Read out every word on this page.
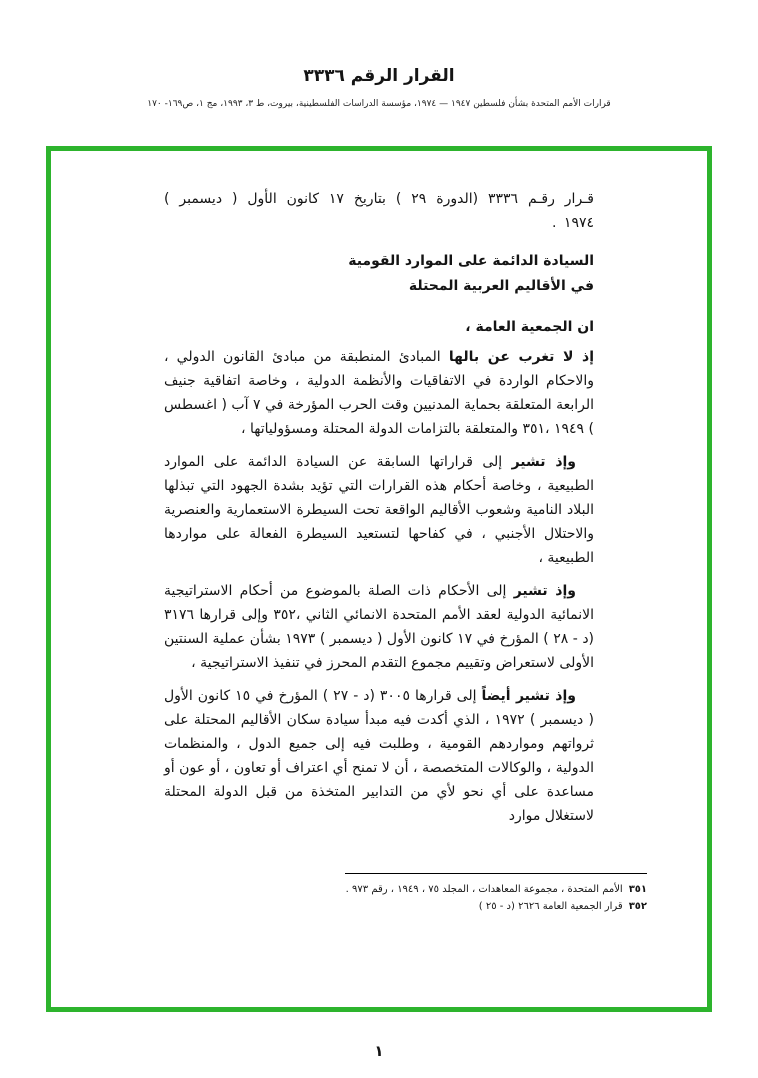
القرار الرقم ٣٣٣٦
قرارات الأمم المتحدة بشأن فلسطين ١٩٤٧ — ١٩٧٤، مؤسسة الدراسات الفلسطينية، بيروت، ط ٣، ١٩٩٣، مج ١، ص١٦٩- ١٧٠

قـرار رقـم ٣٣٣٦ (الدورة ٢٩ ) بتاريخ ١٧ كانون الأول ( ديسمبر ) ١٩٧٤ .

السيادة الدائمة على الموارد القومية
في الأقاليم العربية المحتلة
ان الجمعية العامة ،

إذ لا تغرب عن بالها المبادئ المنطبقة من مبادئ القانون الدولي ، والاحكام الواردة في الاتفاقيات والأنظمة الدولية ، وخاصة اتفاقية جنيف الرابعة المتعلقة بحماية المدنيين وقت الحرب المؤرخة في ٧ آب ( اغسطس ) ١٩٤٩ ،٣٥١ والمتعلقة بالتزامات الدولة المحتلة ومسؤولياتها ،

وإذ تشير إلى قراراتها السابقة عن السيادة الدائمة على الموارد الطبيعية ، وخاصة أحكام هذه القرارات التي تؤيد بشدة الجهود التي تبذلها البلاد النامية وشعوب الأقاليم الواقعة تحت السيطرة الاستعمارية والعنصرية والاحتلال الأجنبي ، في كفاحها لتستعيد السيطرة الفعالة على مواردها الطبيعية ،

وإذ تشير إلى الأحكام ذات الصلة بالموضوع من أحكام الاستراتيجية الانمائية الدولية لعقد الأمم المتحدة الانمائي الثاني ،٣٥٢ وإلى قرارها ٣١٧٦ (د - ٢٨ ) المؤرخ في ١٧ كانون الأول ( ديسمبر ) ١٩٧٣ بشأن عملية السنتين الأولى لاستعراض وتقييم مجموع التقدم المحرز في تنفيذ الاستراتيجية ،

وإذ تشير أيضاً إلى قرارها ٣٠٠٥ (د - ٢٧ ) المؤرخ في ١٥ كانون الأول ( ديسمبر ) ١٩٧٢ ، الذي أكدت فيه مبدأ سيادة سكان الأقاليم المحتلة على ثرواتهم ومواردهم القومية ، وطلبت فيه إلى جميع الدول ، والمنظمات الدولية ، والوكالات المتخصصة ، أن لا تمنح أي اعتراف أو تعاون ، أو عون أو مساعدة على أي نحو لأي من التدابير المتخذة من قبل الدولة المحتلة لاستغلال موارد

٣٥١الأمم المتحدة ، مجموعة المعاهدات ، المجلد ٧٥ ، ١٩٤٩ ، رقم ٩٧٣ .
٣٥٢قرار الجمعية العامة ٢٦٢٦ (د - ٢٥ )
١
